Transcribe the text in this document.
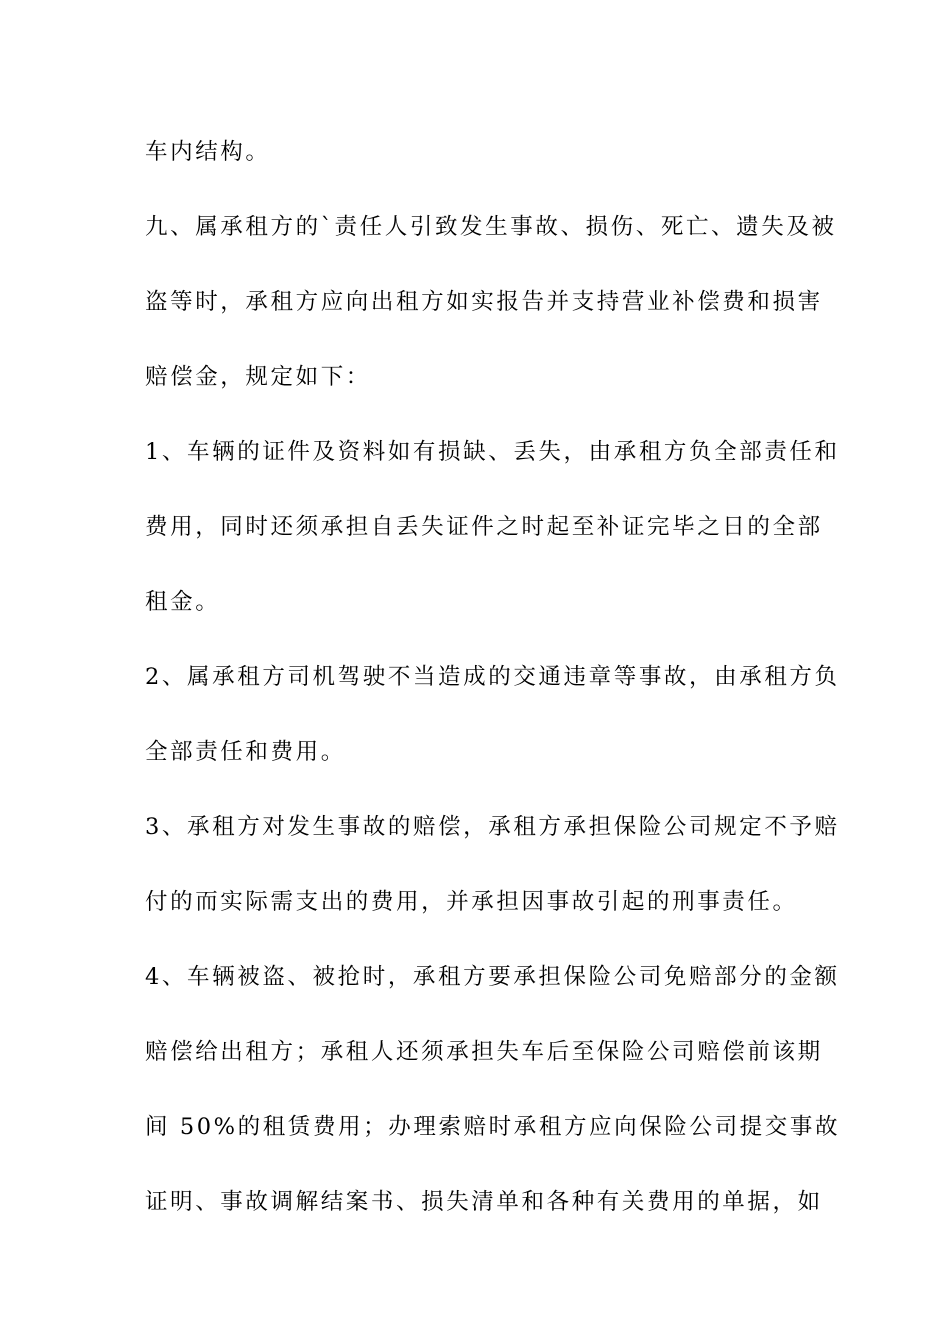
车内结构。
九、属承租方的`责任人引致发生事故、损伤、死亡、遗失及被
盗等时，承租方应向出租方如实报告并支持营业补偿费和损害
赔偿金，规定如下：
1、车辆的证件及资料如有损缺、丢失，由承租方负全部责任和
费用，同时还须承担自丢失证件之时起至补证完毕之日的全部
租金。
2、属承租方司机驾驶不当造成的交通违章等事故，由承租方负
全部责任和费用。
3、承租方对发生事故的赔偿，承租方承担保险公司规定不予赔
付的而实际需支出的费用，并承担因事故引起的刑事责任。
4、车辆被盗、被抢时，承租方要承担保险公司免赔部分的金额
赔偿给出租方；承租人还须承担失车后至保险公司赔偿前该期
间 50%的租赁费用；办理索赔时承租方应向保险公司提交事故
证明、事故调解结案书、损失清单和各种有关费用的单据，如
